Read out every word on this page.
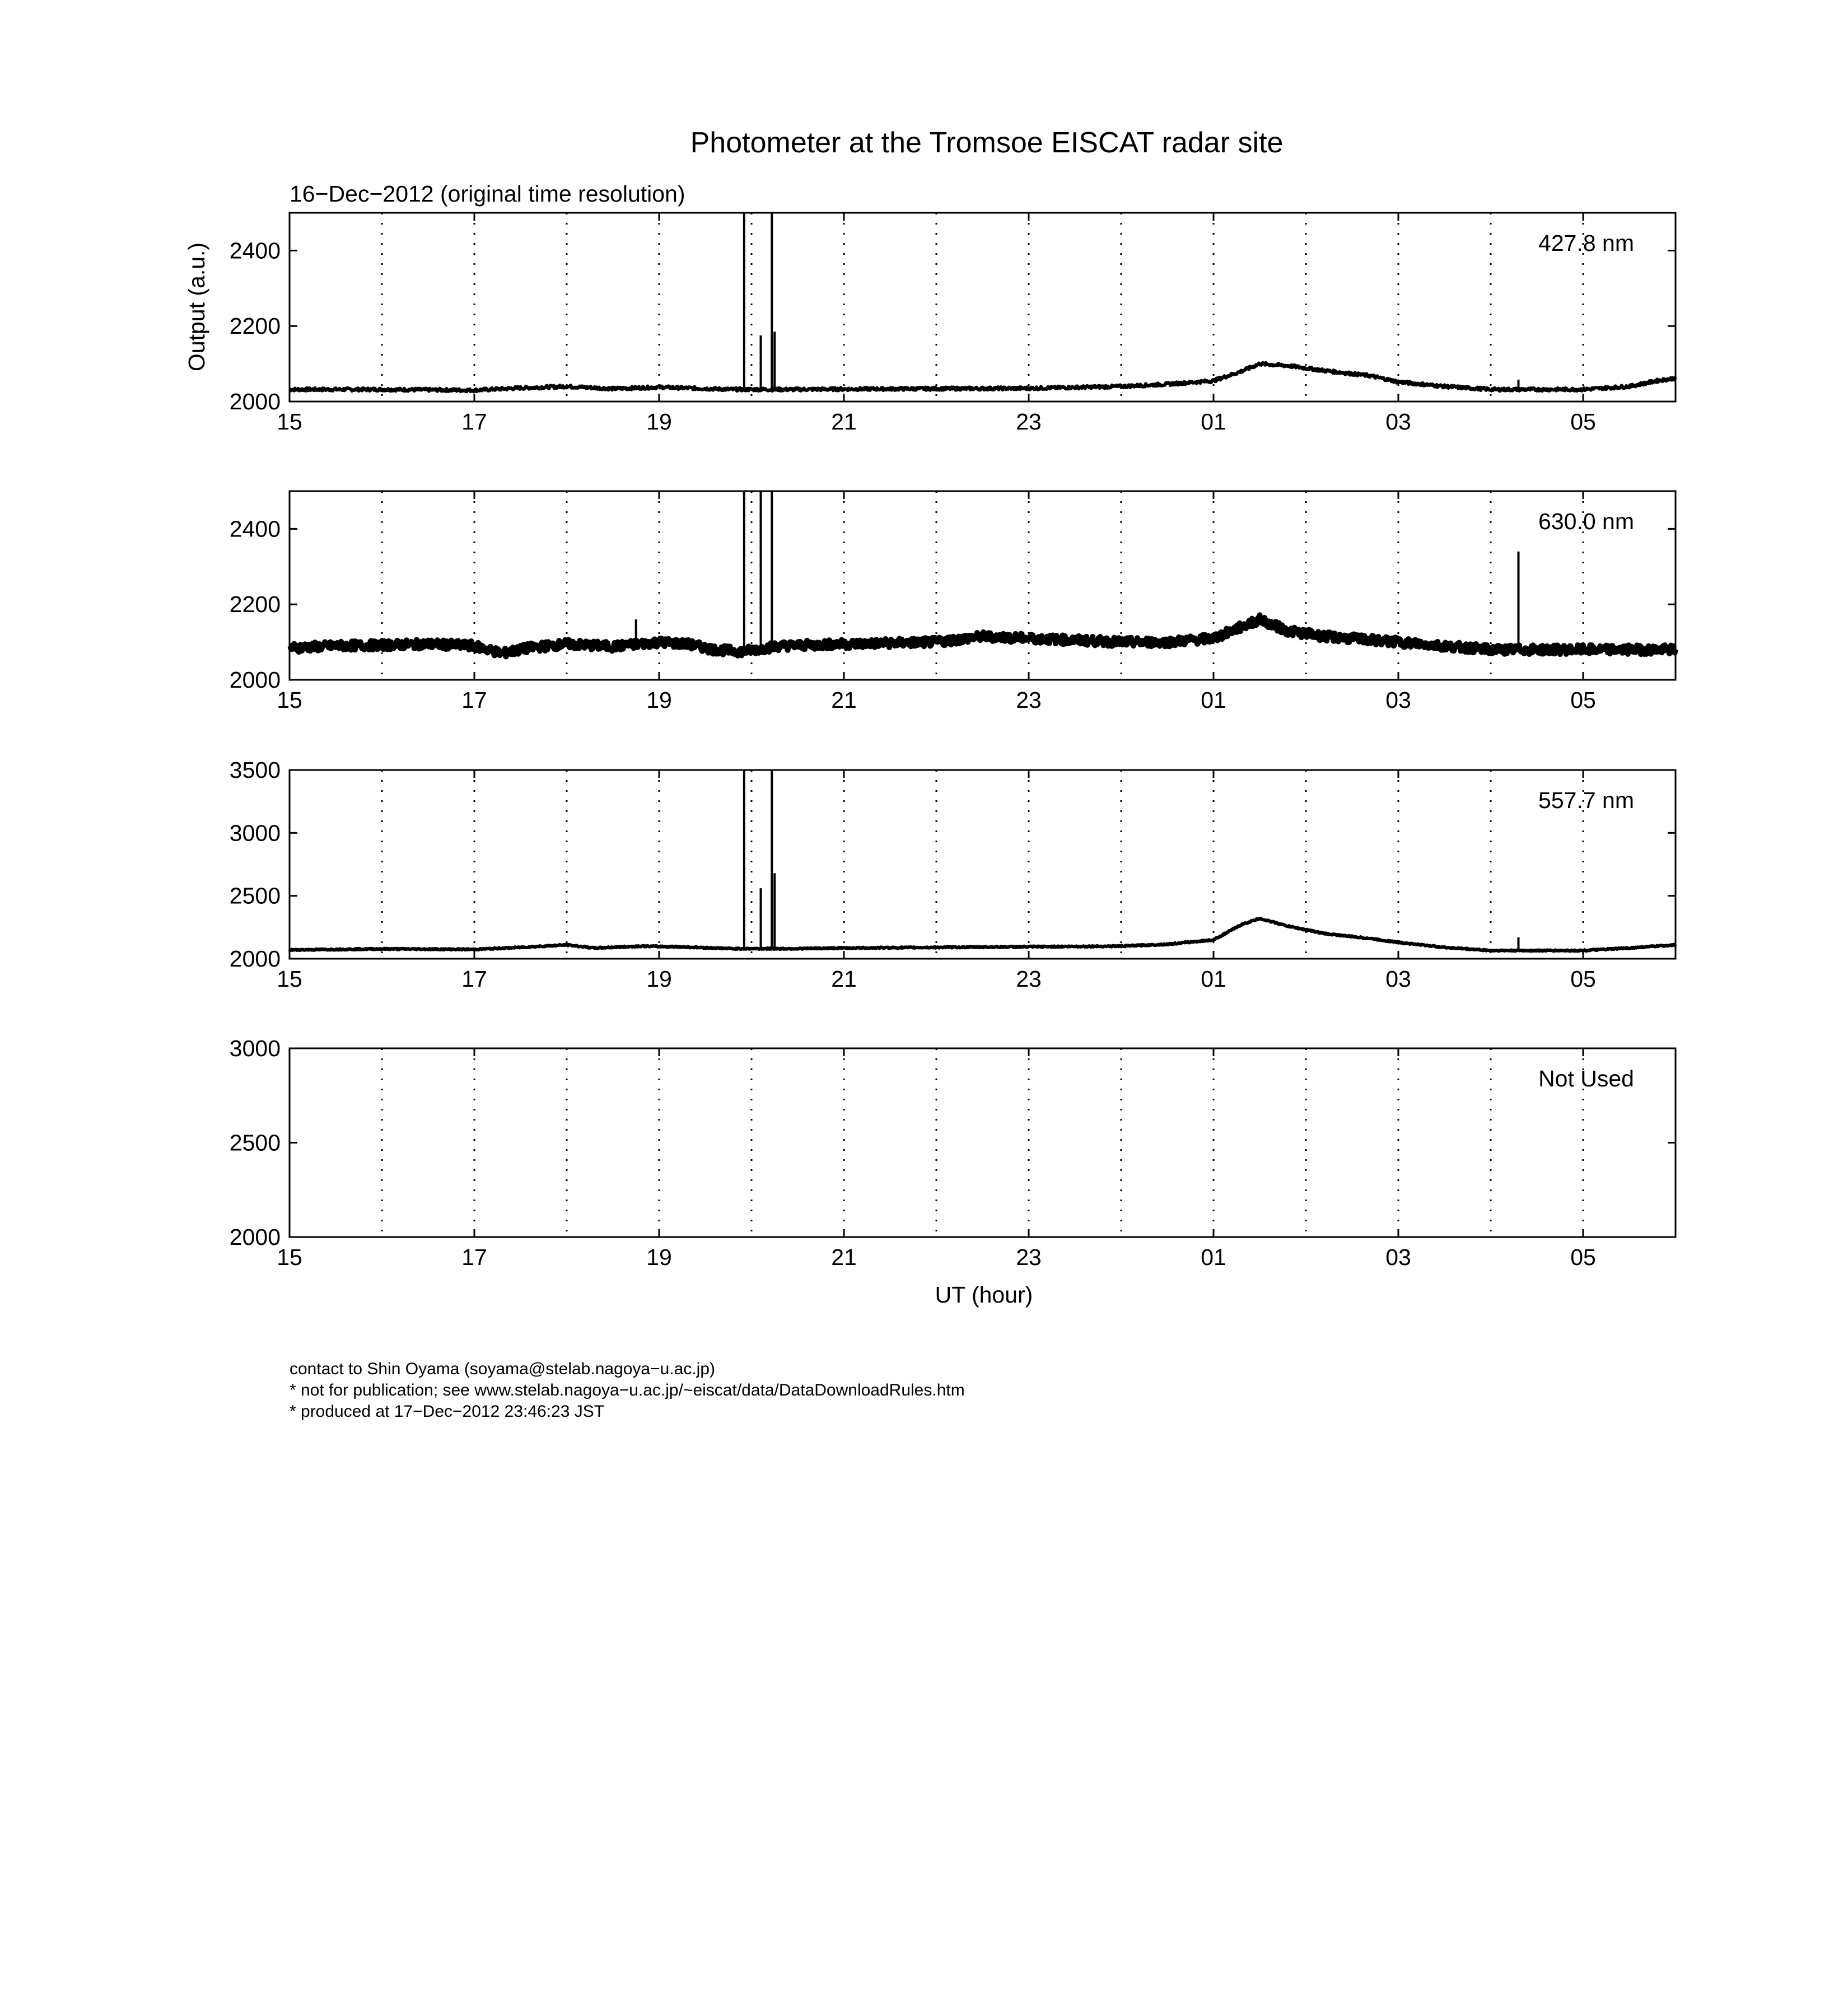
Photometer at the Tromsoe EISCAT radar site
16−Dec−2012 (original time resolution)
Output (a.u.)
UT (hour)
15	17	19	21	23	01	03	05
2000
2200
2400	427.8 nm
15	17	19	21	23	01	03	05
2000
2200
2400	630.0 nm
15	17	19	21	23	01	03	05
2000
2500
3000
3500
557.7 nm
15	17	19	21	23	01	03	05
2000
2500
3000
Not Used
contact to Shin Oyama (soyama@stelab.nagoya−u.ac.jp)
* not for publication; see www.stelab.nagoya−u.ac.jp/~eiscat/data/DataDownloadRules.htm
* produced at 17−Dec−2012 23:46:23 JST
